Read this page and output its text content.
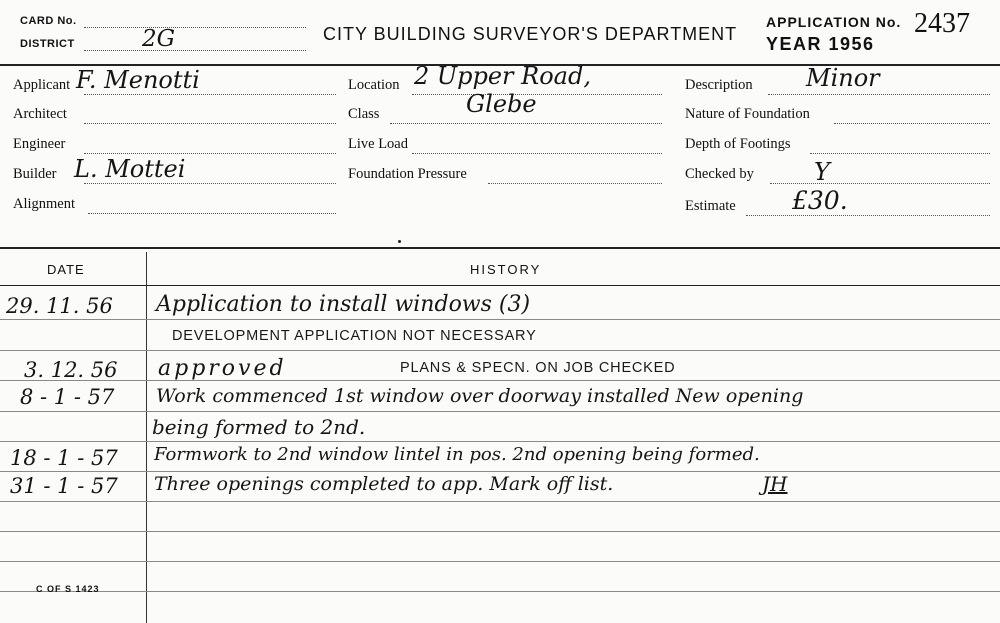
CARD No.
DISTRICT	2G	CITY BUILDING SURVEYOR'S DEPARTMENT
APPLICATION No. 2437
YEAR 1956
Applicant F. Menotti
Architect
Engineer
Builder L. Mottei
Alignment
Location 2 Upper Road,
Class	Glebe
Live Load
Foundation Pressure
Description Minor
Nature of Foundation
Depth of Footings
Checked by	Y
Estimate £30.
DATE	HISTORY
29. 11. 56 Application to install windows (3)
DEVELOPMENT APPLICATION NOT NECESSARY
3. 12. 56 approved	PLANS & SPECN. ON JOB CHECKED
8 - 1 - 57 Work commenced 1st window over doorway installed New opening
being formed to 2nd.
18 - 1 - 57 Formwork to 2nd window lintel in pos. 2nd opening being formed.
31 - 1 - 57 Three openings completed to app. Mark off list.	JH
C OF S 1423
